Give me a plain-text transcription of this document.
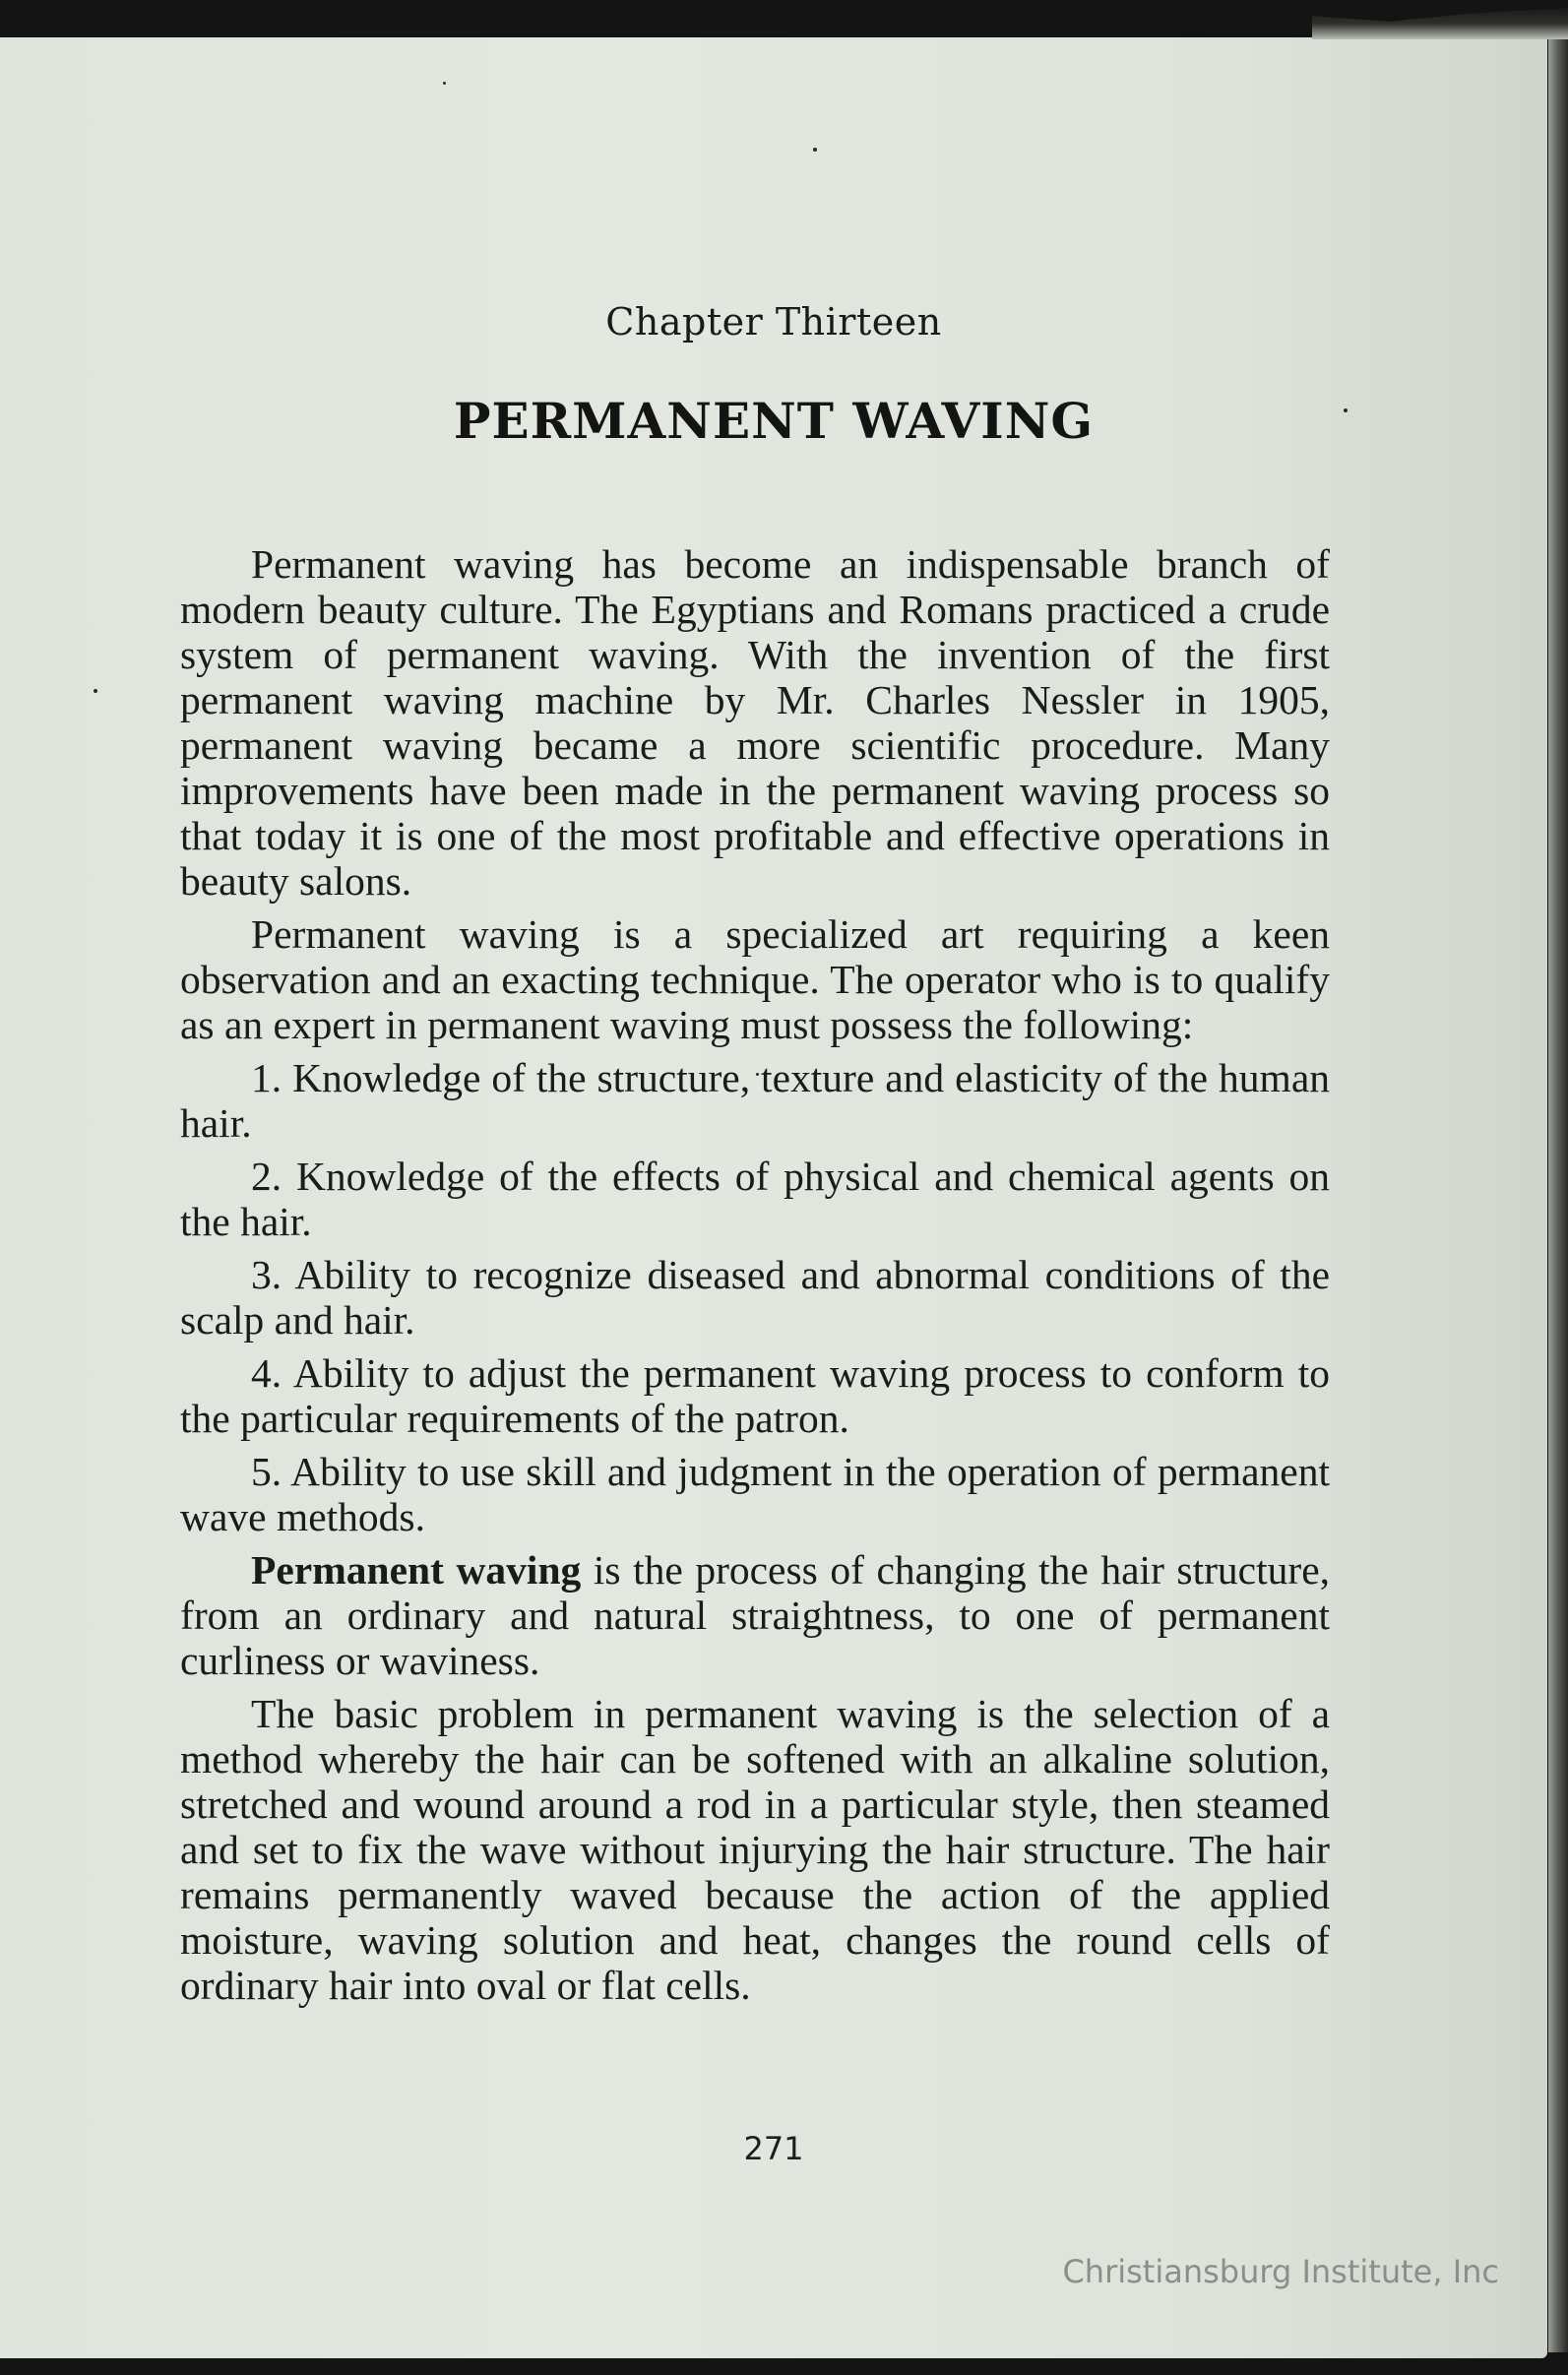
Chapter Thirteen
PERMANENT WAVING

Permanent waving has become an indispensable branch of modern beauty culture. The Egyptians and Romans practiced a crude system of permanent waving. With the invention of the first permanent waving machine by Mr. Charles Nessler in 1905, permanent waving became a more scientific procedure. Many improvements have been made in the permanent waving process so that today it is one of the most profitable and effective operations in beauty salons.

Permanent waving is a specialized art requiring a keen observation and an exacting technique. The operator who is to qualify as an expert in permanent waving must possess the following:

1. Knowledge of the structure, texture and elasticity of the human hair.

2. Knowledge of the effects of physical and chemical agents on the hair.

3. Ability to recognize diseased and abnormal conditions of the scalp and hair.

4. Ability to adjust the permanent waving process to conform to the particular requirements of the patron.

5. Ability to use skill and judgment in the operation of permanent wave methods.

Permanent waving is the process of changing the hair structure, from an ordinary and natural straightness, to one of permanent curliness or waviness.

The basic problem in permanent waving is the selection of a method whereby the hair can be softened with an alkaline solution, stretched and wound around a rod in a particular style, then steamed and set to fix the wave without injurying the hair structure. The hair remains permanently waved because the action of the applied moisture, waving solution and heat, changes the round cells of ordinary hair into oval or flat cells.

271
Christiansburg Institute, Inc
